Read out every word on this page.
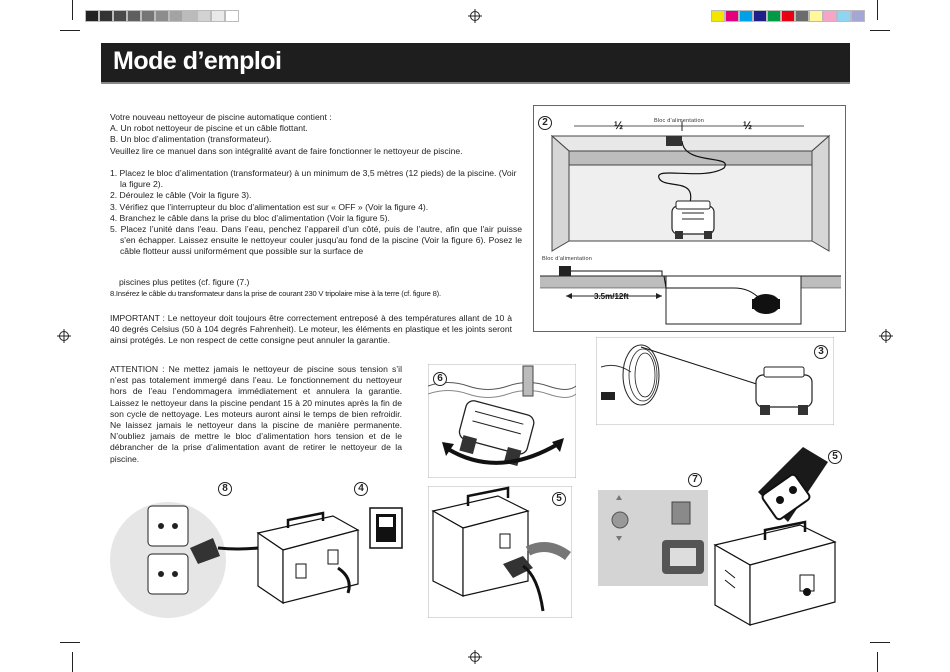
Mode d’emploi
Votre nouveau nettoyeur de piscine automatique contient :
A. Un robot nettoyeur de piscine et un câble flottant.
B. Un bloc d’alimentation (transformateur).
Veuillez lire ce manuel dans son intégralité avant de faire fonctionner le nettoyeur de piscine.
1. Placez le bloc d’alimentation (transformateur) à un minimum de 3,5 mètres (12 pieds) de la piscine. (Voir la figure 2).
2. Déroulez le câble (Voir la figure 3).
3. Vérifiez que l’interrupteur du bloc d’alimentation est sur « OFF » (Voir la figure 4).
4. Branchez le câble dans la prise du bloc d’alimentation (Voir la figure 5).
5. Placez l’unité dans l'eau. Dans l’eau, penchez l’appareil d’un côté, puis de l’autre, afin que l'air puisse s'en échapper. Laissez ensuite le nettoyeur couler jusqu'au fond de la piscine (Voir la figure 6). Posez le câble flotteur aussi uniformément que possible sur la surface de
piscines plus petites (cf. figure (7.)
8.Insérez le câble du transformateur dans la prise de courant 230 V tripolaire mise à la terre (cf. figure 8).
IMPORTANT : Le nettoyeur doit toujours être correctement entreposé à des températures allant de 10 à 40 degrés Celsius (50 à 104 degrés Fahrenheit). Le moteur, les éléments en plastique et les joints seront ainsi protégés. Le non respect de cette consigne peut annuler la garantie.
ATTENTION : Ne mettez jamais le nettoyeur de piscine sous tension s’il n’est pas totalement immergé dans l’eau. Le fonctionnement du nettoyeur hors de l’eau l’endommagera immédiatement et annulera la garantie. Laissez le nettoyeur dans la piscine pendant 15 à 20 minutes après la fin de son cycle de nettoyage. Les moteurs auront ainsi le temps de bien refroidir. Ne laissez jamais le nettoyeur dans la piscine de manière permanente. N’oubliez jamais de mettre le bloc d’alimentation hors tension et de le débrancher de la prise d’alimentation avant de retirer le nettoyeur de la piscine.
2	Bloc d’alimentation
Bloc d’alimentation
½	½
3.5m/12ft
3
6
5
7
8	4
5
